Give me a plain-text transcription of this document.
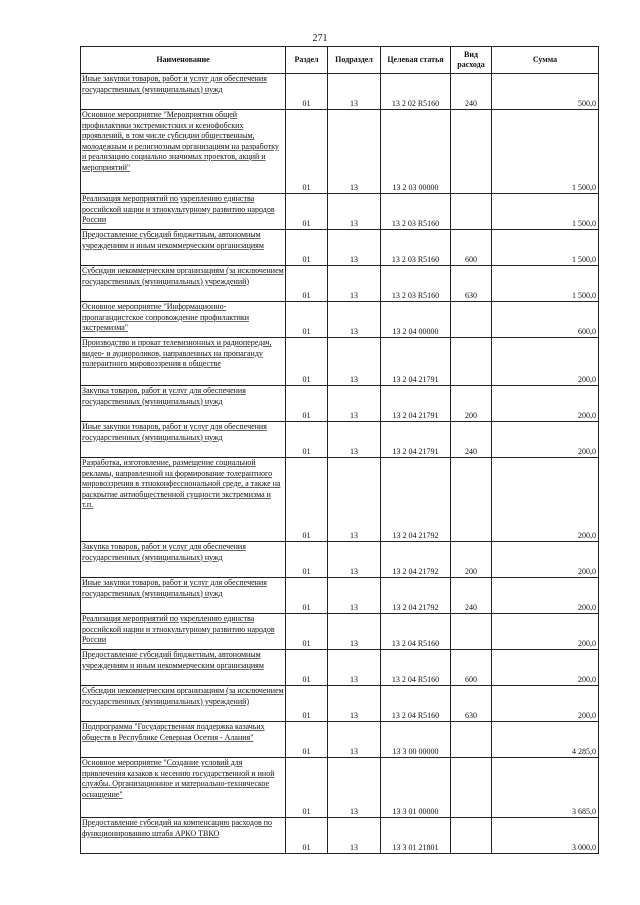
271
Наименование	Раздел	Подраздел	Целевая статья	Вид расхода	Сумма
Иные закупки товаров, работ и услуг для обеспечения государственных (муниципальных) нужд	01	13	13 2 02 R5160	240	500,0
Основное мероприятие "Мероприятия общей профилактики экстремистских и ксенофобских проявлений, в том числе субсидии общественным, молодежным и религиозным организациям на разработку и реализацию социально значимых проектов, акций и мероприятий"	01	13	13 2 03 00000		1 500,0
Реализация мероприятий по укреплению единства российской нации и этнокультурному развитию народов России	01	13	13 2 03 R5160		1 500,0
Предоставление субсидий бюджетным, автономным учреждениям и иным некоммерческим организациям	01	13	13 2 03 R5160	600	1 500,0
Субсидии некоммерческим организациям (за исключением государственных (муниципальных) учреждений)	01	13	13 2 03 R5160	630	1 500,0
Основное мероприятие "Информационно-пропагандистское сопровождение профилактики экстремизма"	01	13	13 2 04 00000		600,0
Производство и прокат телевизионных и радиопередач, видео- и аудиороликов, направленных на пропаганду толерантного мировоззрения в обществе	01	13	13 2 04 21791		200,0
Закупка товаров, работ и услуг для обеспечения государственных (муниципальных) нужд	01	13	13 2 04 21791	200	200,0
Иные закупки товаров, работ и услуг для обеспечения государственных (муниципальных) нужд	01	13	13 2 04 21791	240	200,0
Разработка, изготовление, размещение социальной рекламы, направленной на формирование толерантного мировоззрения в этноконфессиональной среде, а также на раскрытие антиобщественной сущности экстремизма и т.п.	01	13	13 2 04 21792		200,0
Закупка товаров, работ и услуг для обеспечения государственных (муниципальных) нужд	01	13	13 2 04 21792	200	200,0
Иные закупки товаров, работ и услуг для обеспечения государственных (муниципальных) нужд	01	13	13 2 04 21792	240	200,0
Реализация мероприятий по укреплению единства российской нации и этнокультурному развитию народов России	01	13	13 2 04 R5160		200,0
Предоставление субсидий бюджетным, автономным учреждениям и иным некоммерческим организациям	01	13	13 2 04 R5160	600	200,0
Субсидии некоммерческим организациям (за исключением государственных (муниципальных) учреждений)	01	13	13 2 04 R5160	630	200,0
Подпрограмма "Государственная поддержка казачьих обществ в Республике Северная Осетия - Алания"	01	13	13 3 00 00000		4 285,0
Основное мероприятие "Создание условий для привлечения казаков к несению государственной и иной службы. Организационное и материально-техническое оснащение"	01	13	13 3 01 00000		3 685,0
Предоставление субсидий на компенсацию расходов по функционированию штаба АРКО ТВКО	01	13	13 3 01 21801		3 000,0
